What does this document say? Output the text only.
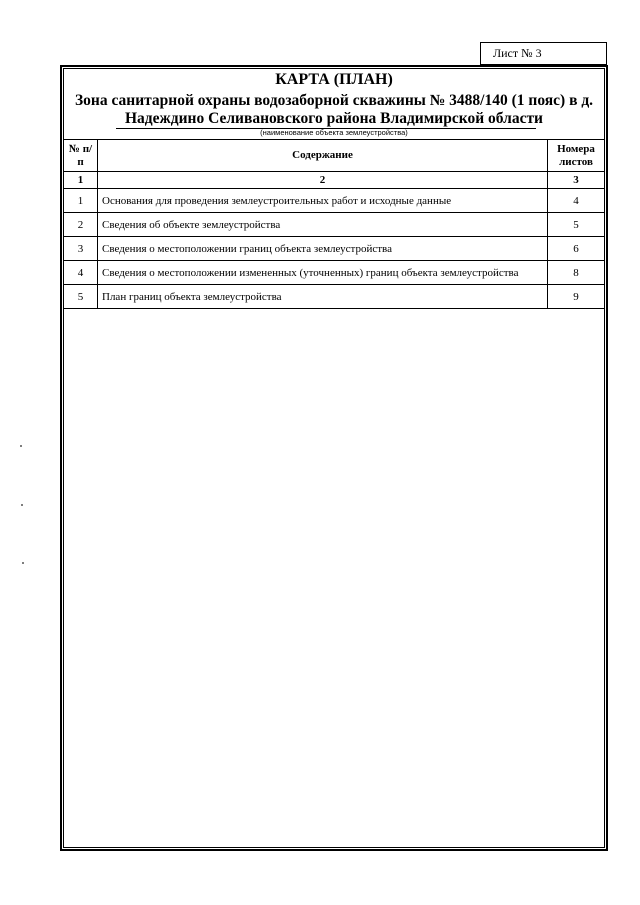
Лист № 3
КАРТА (ПЛАН)
Зона санитарной охраны водозаборной скважины № 3488/140 (1 пояс) в д.
Надеждино Селивановского района Владимирской области
(наименование объекта землеустройства)
№ п/п	Содержание	Номера листов
1	2	3
1	Основания для проведения землеустроительных работ и исходные данные	4
2	Сведения об объекте землеустройства	5
3	Сведения о местоположении границ объекта землеустройства	6
4	Сведения о местоположении измененных (уточненных) границ объекта землеустройства	8
5	План границ объекта землеустройства	9
